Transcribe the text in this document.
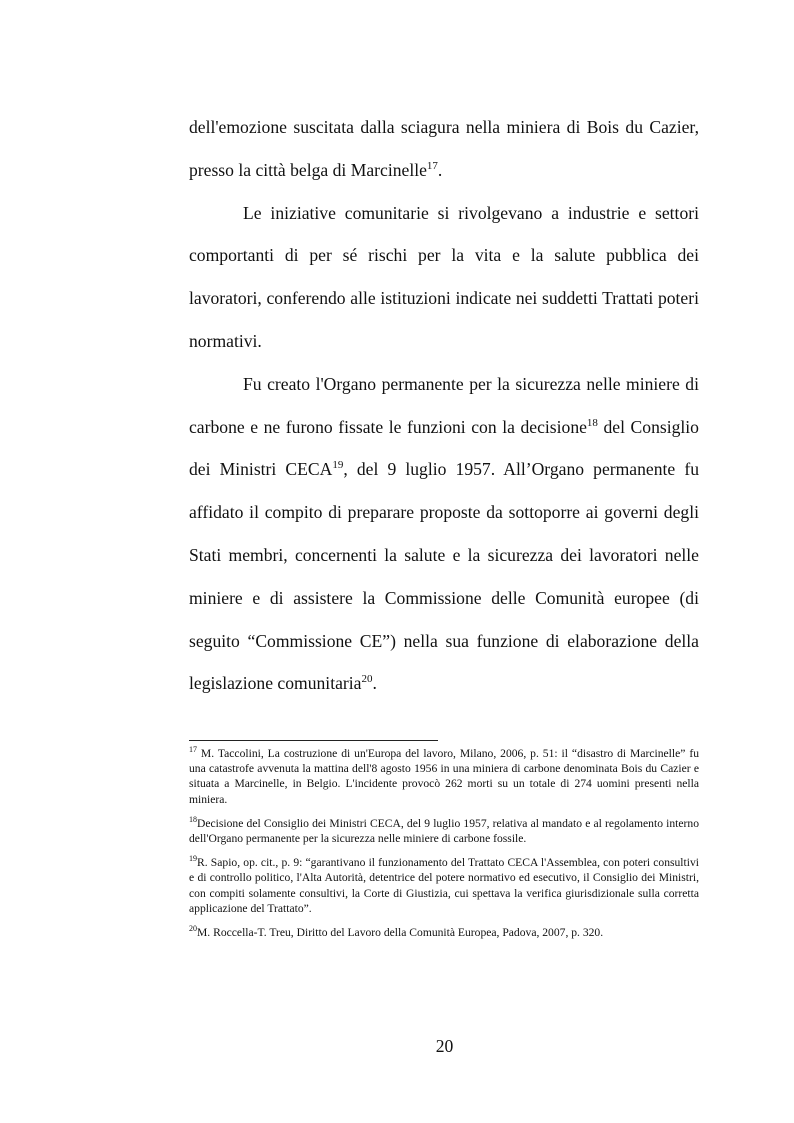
dell'emozione suscitata dalla sciagura nella miniera di Bois du Cazier, presso la città belga di Marcinelle$^{17}$.

Le iniziative comunitarie si rivolgevano a industrie e settori comportanti di per sé rischi per la vita e la salute pubblica dei lavoratori, conferendo alle istituzioni indicate nei suddetti Trattati poteri normativi.

Fu creato l'Organo permanente per la sicurezza nelle miniere di carbone e ne furono fissate le funzioni con la decisione$^{18}$ del Consiglio dei Ministri CECA$^{19}$, del 9 luglio 1957. All’Organo permanente fu affidato il compito di preparare proposte da sottoporre ai governi degli Stati membri, concernenti la salute e la sicurezza dei lavoratori nelle miniere e di assistere la Commissione delle Comunità europee (di seguito “Commissione CE”) nella sua funzione di elaborazione della legislazione comunitaria$^{20}$.

$^{17}$ M. Taccolini, La costruzione di un'Europa del lavoro, Milano, 2006, p. 51: il “disastro di Marcinelle” fu una catastrofe avvenuta la mattina dell'8 agosto 1956 in una miniera di carbone denominata Bois du Cazier e situata a Marcinelle, in Belgio. L'incidente provocò 262 morti su un totale di 274 uomini presenti nella miniera.

$^{18}$Decisione del Consiglio dei Ministri CECA, del 9 luglio 1957, relativa al mandato e al regolamento interno dell'Organo permanente per la sicurezza nelle miniere di carbone fossile.

$^{19}$R. Sapio, op. cit., p. 9: “garantivano il funzionamento del Trattato CECA l'Assemblea, con poteri consultivi e di controllo politico, l'Alta Autorità, detentrice del potere normativo ed esecutivo, il Consiglio dei Ministri, con compiti solamente consultivi, la Corte di Giustizia, cui spettava la verifica giurisdizionale sulla corretta applicazione del Trattato”.

$^{20}$M. Roccella-T. Treu, Diritto del Lavoro della Comunità Europea, Padova, 2007, p. 320.

20
